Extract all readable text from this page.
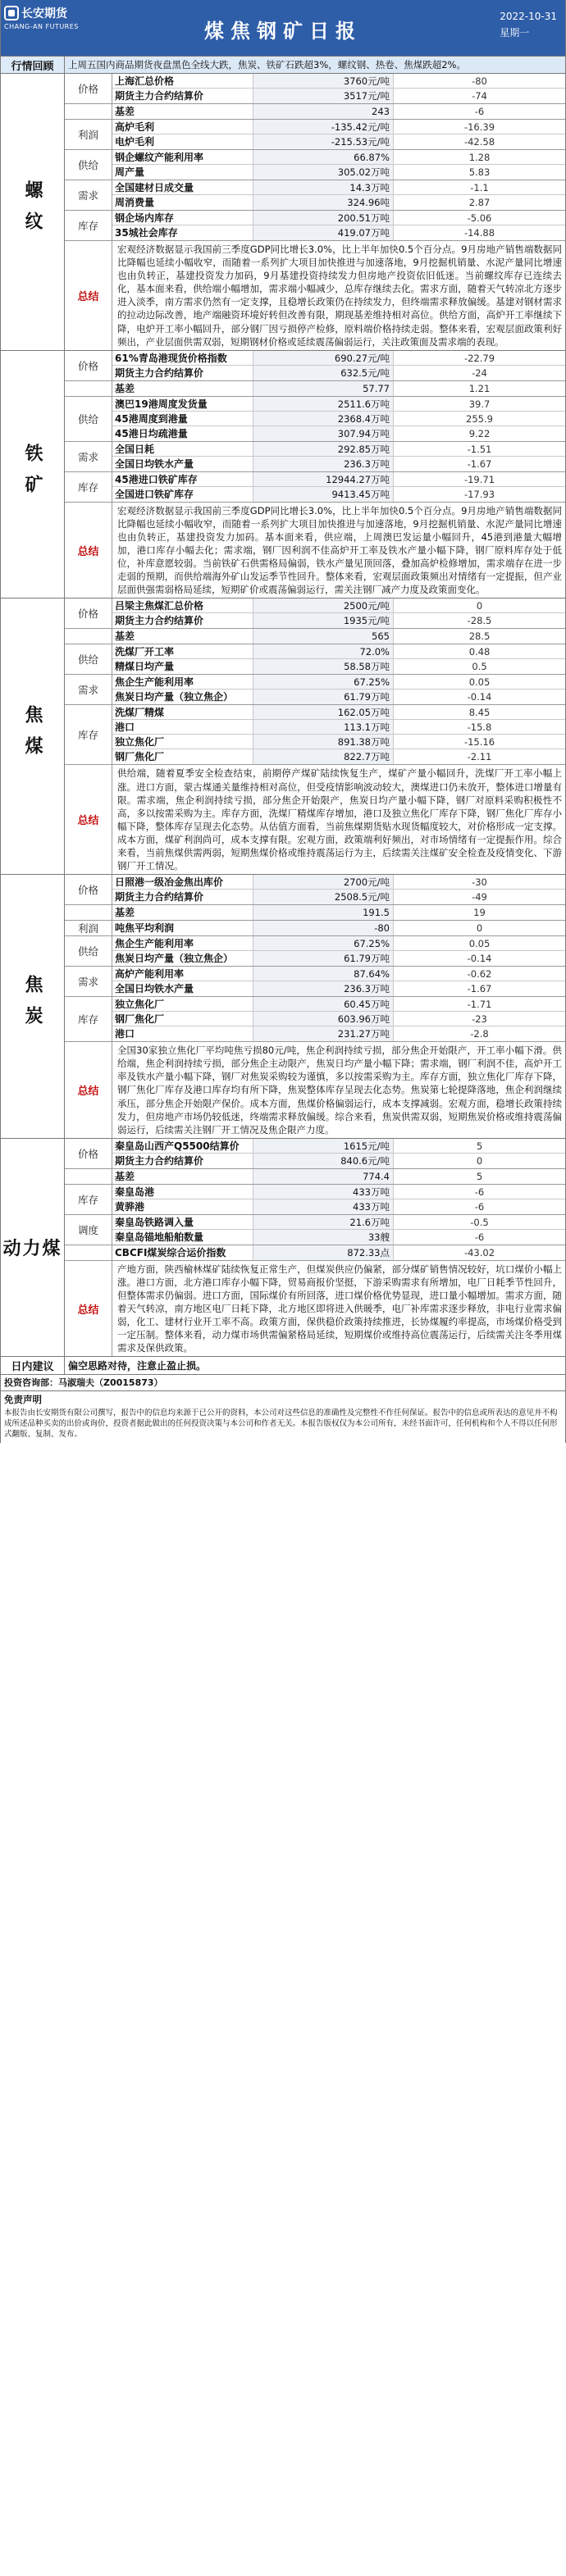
长安期货
CHANG-AN FUTURES	煤焦钢矿日报
2022-10-31
星期一
行情回顾	上周五国内商品期货夜盘黑色全线大跌，焦炭、铁矿石跌超3%，螺纹钢、热卷、焦煤跌超2%。
螺纹
价格
上海汇总价格	3760元/吨	-80
期货主力合约结算价	3517元/吨	-74
基差	243	-6
利润
高炉毛利	-135.42元/吨	-16.39
电炉毛利	-215.53元/吨	-42.58
供给
钢企螺纹产能利用率	66.87%	1.28
周产量	305.02万吨	5.83
需求
全国建材日成交量	14.3万吨	-1.1
周消费量	324.96吨	2.87
库存
钢企场内库存	200.51万吨	-5.06
35城社会库存	419.07万吨	-14.88
总结
宏观经济数据显示我国前三季度GDP同比增长3.0%，比上半年加快0.5个百分点。9月房地产销售端数据同比降幅也延续小幅收窄，而随着一系列扩大项目加快推进与加速落地，9月挖掘机销量、水泥产量同比增速也由负转正，基建投资发力加码，9月基建投资持续发力但房地产投资依旧低迷。当前螺纹库存已连续去化，基本面来看，供给端小幅增加，需求端小幅减少，总库存继续去化。需求方面，随着天气转凉北方逐步进入淡季，南方需求仍然有一定支撑，且稳增长政策仍在持续发力，但终端需求释放偏缓。基建对钢材需求的拉动边际改善，地产端融资环境好转但改善有限，期现基差维持相对高位。供给方面，高炉开工率继续下降，电炉开工率小幅回升，部分钢厂因亏损停产检修，原料端价格持续走弱。整体来看，宏观层面政策利好频出，产业层面供需双弱，短期钢材价格或延续震荡偏弱运行，关注政策面及需求端的表现。
铁矿
价格
61%青岛港现货价格指数	690.27元/吨	-22.79
期货主力合约结算价	632.5元/吨	-24
基差	57.77	1.21
供给
澳巴19港周度发货量	2511.6万吨	39.7
45港周度到港量	2368.4万吨	255.9
45港日均疏港量	307.94万吨	9.22
需求
全国日耗	292.85万吨	-1.51
全国日均铁水产量	236.3万吨	-1.67
库存
45港进口铁矿库存	12944.27万吨	-19.71
全国进口铁矿库存	9413.45万吨	-17.93
总结
宏观经济数据显示我国前三季度GDP同比增长3.0%，比上半年加快0.5个百分点。9月房地产销售端数据同比降幅也延续小幅收窄，而随着一系列扩大项目加快推进与加速落地，9月挖掘机销量、水泥产量同比增速也由负转正，基建投资发力加码。基本面来看，供应端，上周澳巴发运量小幅回升，45港到港量大幅增加，港口库存小幅去化；需求端，钢厂因利润不佳高炉开工率及铁水产量小幅下降，钢厂原料库存处于低位，补库意愿较弱。当前铁矿石供需格局偏弱，铁水产量见顶回落，叠加高炉检修增加，需求端存在进一步走弱的预期，而供给端海外矿山发运季节性回升。整体来看，宏观层面政策频出对情绪有一定提振，但产业层面供强需弱格局延续，短期矿价或震荡偏弱运行，需关注钢厂减产力度及政策面变化。
焦煤
价格
吕梁主焦煤汇总价格	2500元/吨	0
期货主力合约结算价	1935元/吨	-28.5
基差	565	28.5
供给
洗煤厂开工率	72.0%	0.48
精煤日均产量	58.58万吨	0.5
需求
焦企生产能利用率	67.25%	0.05
焦炭日均产量（独立焦企）	61.79万吨	-0.14
库存
洗煤厂精煤	162.05万吨	8.45
港口	113.1万吨	-15.8
独立焦化厂	891.38万吨	-15.16
钢厂焦化厂	822.7万吨	-2.11
总结
供给端，随着夏季安全检查结束，前期停产煤矿陆续恢复生产，煤矿产量小幅回升，洗煤厂开工率小幅上涨。进口方面，蒙古煤通关量维持相对高位，但受疫情影响波动较大，澳煤进口仍未放开，整体进口增量有限。需求端，焦企利润持续亏损，部分焦企开始限产，焦炭日均产量小幅下降，钢厂对原料采购积极性不高，多以按需采购为主。库存方面，洗煤厂精煤库存增加，港口及独立焦化厂库存下降，钢厂焦化厂库存小幅下降，整体库存呈现去化态势。从估值方面看，当前焦煤期货贴水现货幅度较大，对价格形成一定支撑。成本方面，煤矿利润尚可，成本支撑有限。宏观方面，政策端利好频出，对市场情绪有一定提振作用。综合来看，当前焦煤供需两弱，短期焦煤价格或维持震荡运行为主，后续需关注煤矿安全检查及疫情变化、下游钢厂开工情况。
焦炭
价格
日照港一级冶金焦出库价	2700元/吨	-30
期货主力合约结算价	2508.5元/吨	-49
基差	191.5	19
利润	吨焦平均利润	-80	0
供给
焦企生产能利用率	67.25%	0.05
焦炭日均产量（独立焦企）	61.79万吨	-0.14
需求
高炉产能利用率	87.64%	-0.62
全国日均铁水产量	236.3万吨	-1.67
库存
独立焦化厂	60.45万吨	-1.71
钢厂焦化厂	603.96万吨	-23
港口	231.27万吨	-2.8
总结
全国30家独立焦化厂平均吨焦亏损80元/吨，焦企利润持续亏损，部分焦企开始限产，开工率小幅下滑。供给端，焦企利润持续亏损，部分焦企主动限产，焦炭日均产量小幅下降；需求端，钢厂利润不佳，高炉开工率及铁水产量小幅下降，钢厂对焦炭采购较为谨慎，多以按需采购为主。库存方面，独立焦化厂库存下降，钢厂焦化厂库存及港口库存均有所下降，焦炭整体库存呈现去化态势。焦炭第七轮提降落地，焦企利润继续承压，部分焦企开始限产保价。成本方面，焦煤价格偏弱运行，成本支撑减弱。宏观方面，稳增长政策持续发力，但房地产市场仍较低迷，终端需求释放偏缓。综合来看，焦炭供需双弱，短期焦炭价格或维持震荡偏弱运行，后续需关注钢厂开工情况及焦企限产力度。
动力煤
价格
秦皇岛山西产Q5500结算价	1615元/吨	5
期货主力合约结算价	840.6元/吨	0
基差	774.4	5
库存
秦皇岛港	433万吨	-6
黄骅港	433万吨	-6
调度
秦皇岛铁路调入量	21.6万吨	-0.5
秦皇岛锚地船舶数量	33艘	-6
CBCFI煤炭综合运价指数	872.33点	-43.02
总结
产地方面，陕西榆林煤矿陆续恢复正常生产，但煤炭供应仍偏紧，部分煤矿销售情况较好，坑口煤价小幅上涨。港口方面，北方港口库存小幅下降，贸易商报价坚挺，下游采购需求有所增加，电厂日耗季节性回升，但整体需求仍偏弱。进口方面，国际煤价有所回落，进口煤价格优势显现，进口量小幅增加。需求方面，随着天气转凉，南方地区电厂日耗下降，北方地区即将进入供暖季，电厂补库需求逐步释放，非电行业需求偏弱，化工、建材行业开工率不高。政策方面，保供稳价政策持续推进，长协煤履约率提高，市场煤价格受到一定压制。整体来看，动力煤市场供需偏紧格局延续，短期煤价或维持高位震荡运行，后续需关注冬季用煤需求及保供政策。
日内建议	偏空思路对待，注意止盈止损。
投资咨询部：马淑瑞夫（Z0015873）
免责声明
本报告由长安期货有限公司撰写，报告中的信息均来源于已公开的资料，本公司对这些信息的准确性及完整性不作任何保证。报告中的信息或所表达的意见并不构成所述品种买卖的出价或询价，投资者据此做出的任何投资决策与本公司和作者无关。本报告版权仅为本公司所有，未经书面许可，任何机构和个人不得以任何形式翻版、复制、发布。
